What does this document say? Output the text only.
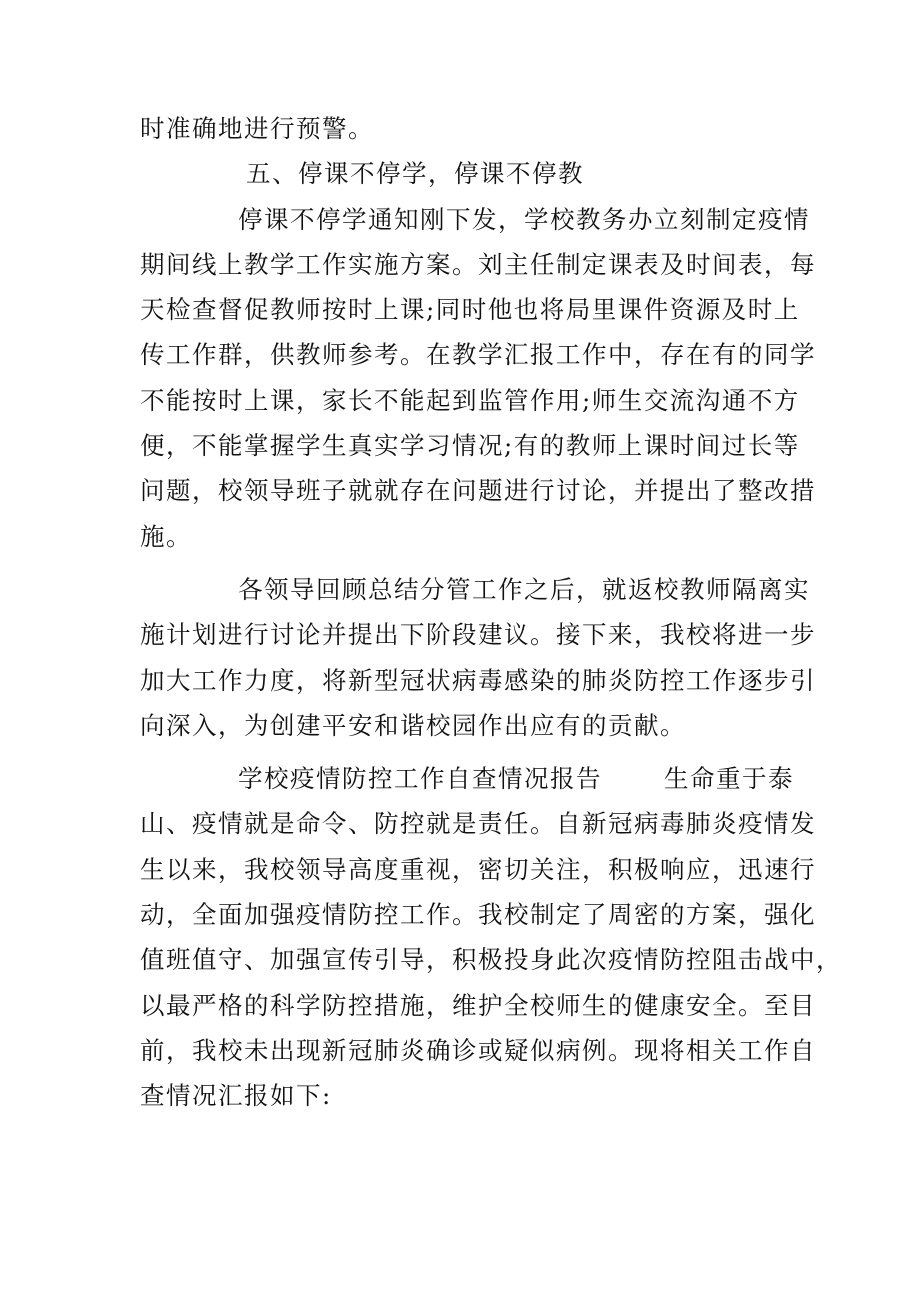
时准确地进行预警。
五、停课不停学，停课不停教
停课不停学通知刚下发，学校教务办立刻制定疫情
期间线上教学工作实施方案。刘主任制定课表及时间表，每
天检查督促教师按时上课;同时他也将局里课件资源及时上
传工作群，供教师参考。在教学汇报工作中，存在有的同学
不能按时上课，家长不能起到监管作用;师生交流沟通不方
便，不能掌握学生真实学习情况;有的教师上课时间过长等
问题，校领导班子就就存在问题进行讨论，并提出了整改措
施。
各领导回顾总结分管工作之后，就返校教师隔离实
施计划进行讨论并提出下阶段建议。接下来，我校将进一步
加大工作力度，将新型冠状病毒感染的肺炎防控工作逐步引
向深入，为创建平安和谐校园作出应有的贡献。
学校疫情防控工作自查情况报告	生命重于泰
山、疫情就是命令、防控就是责任。自新冠病毒肺炎疫情发
生以来，我校领导高度重视，密切关注，积极响应，迅速行
动，全面加强疫情防控工作。我校制定了周密的方案，强化
值班值守、加强宣传引导，积极投身此次疫情防控阻击战中，
以最严格的科学防控措施，维护全校师生的健康安全。至目
前，我校未出现新冠肺炎确诊或疑似病例。现将相关工作自
查情况汇报如下:
